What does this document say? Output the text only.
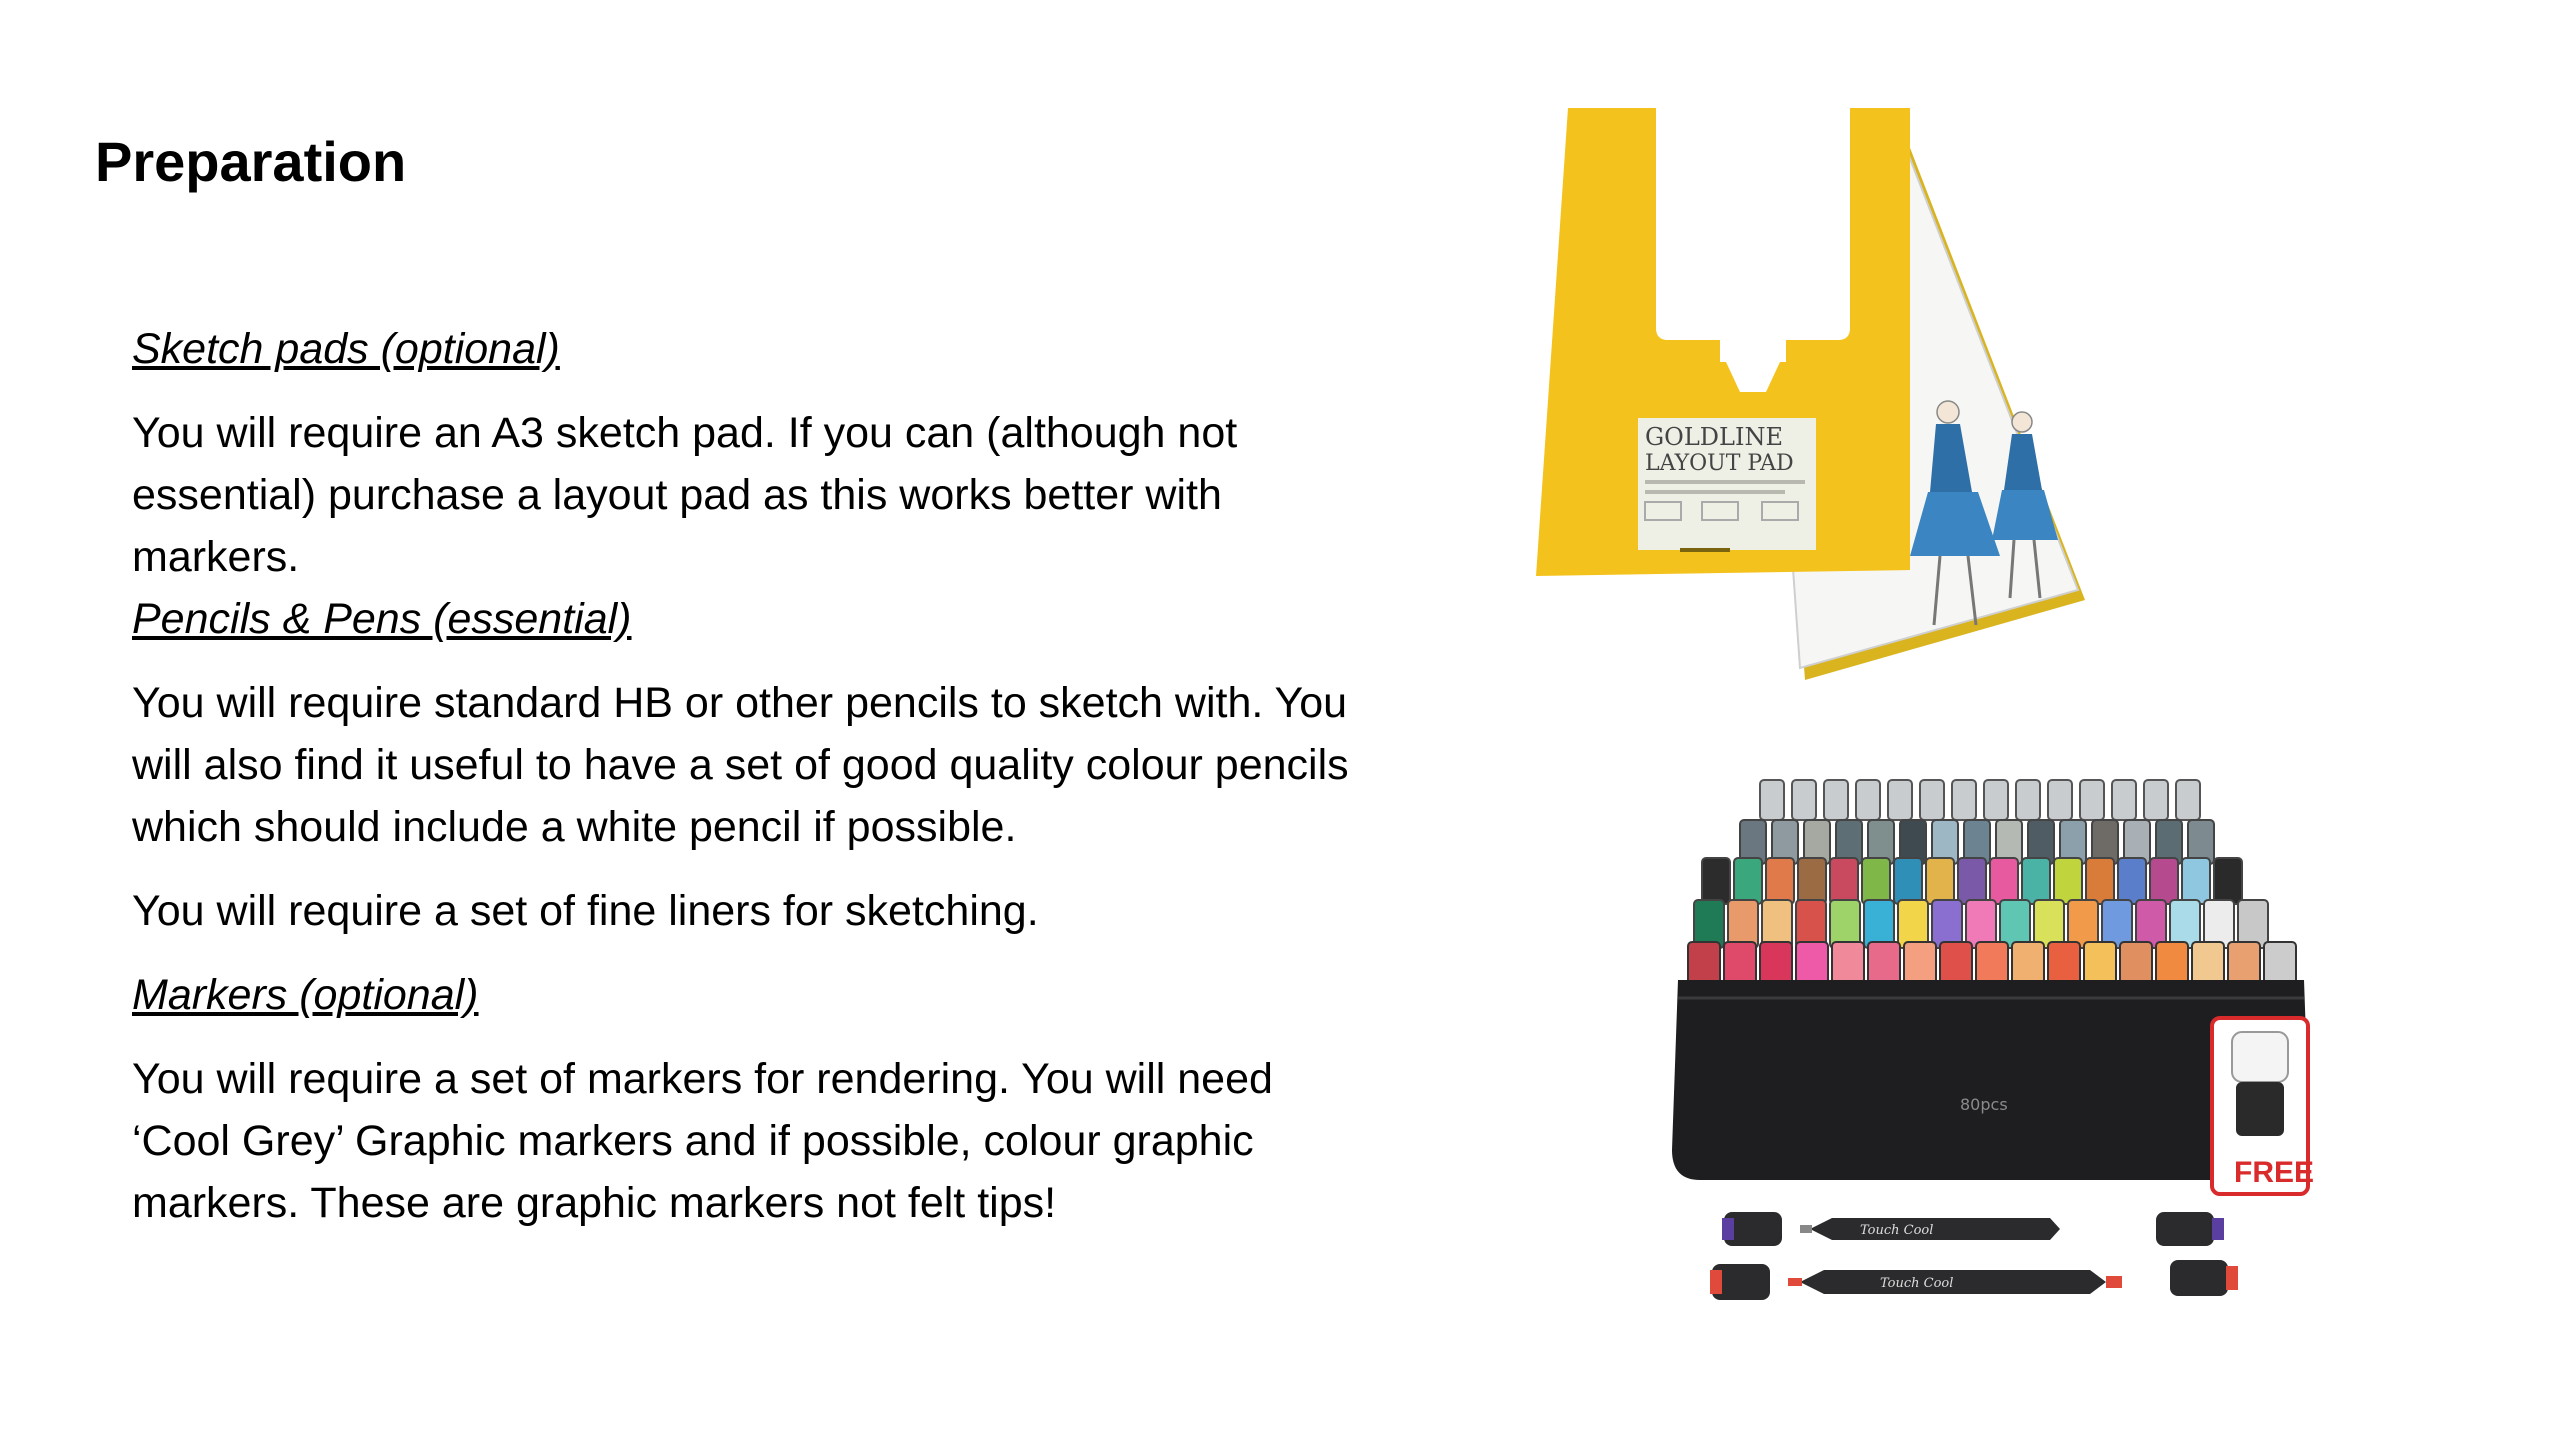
Preparation

Sketch pads (optional)

You will require an A3 sketch pad. If you can (although not essential) purchase a layout pad as this works better with markers.

Pencils & Pens (essential)

You will require standard HB or other pencils to sketch with. You will also find it useful to have a set of good quality colour pencils which should include a white pencil if possible.

You will require a set of fine liners for sketching.

Markers (optional)

You will require a set of markers for rendering. You will need ‘Cool Grey’ Graphic markers and if possible, colour graphic markers. These are graphic markers not felt tips!

GOLDLINE
LAYOUT PAD
80pcs
FREE
Touch Cool
Touch Cool
